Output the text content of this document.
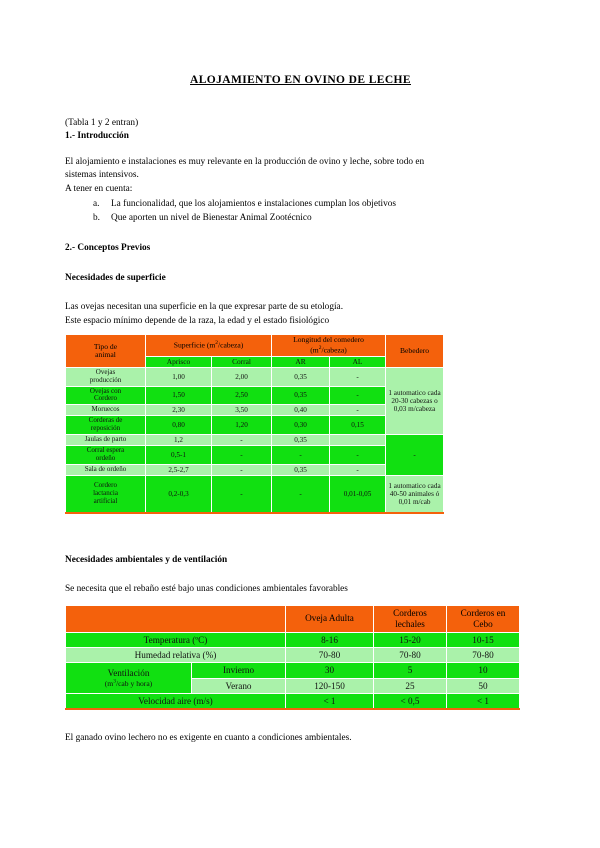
ALOJAMIENTO EN OVINO DE LECHE

(Tabla 1 y 2 entran)

1.- Introducción

El alojamiento e instalaciones es muy relevante en la producción de ovino y leche, sobre todo en

sistemas intensivos.

A tener en cuenta:

a. La funcionalidad, que los alojamientos e instalaciones cumplan los objetivos
b. Que aporten un nivel de Bienestar Animal Zootécnico

2.- Conceptos Previos

Necesidades de superficie

Las ovejas necesitan una superficie en la que expresar parte de su etología.

Este espacio mínimo depende de la raza, la edad y el estado fisiológico

Tipo de
animal	Superficie $(m^2/cabeza)$		Longitud del comedero
$(m^2/cabeza)$		Bebedero
	Aprisco	Corral	AR	AL	
Ovejas
producción	1,00	2,00	0,35	-	1 automatico cada 20-30 cabezas o 0,03 m/cabeza
Ovejas con
Cordero	1,50	2,50	0,35	-	
Moruecos	2,30	3,50	0,40	-	
Corderas de
reposición	0,80	1,20	0,30	0,15	
Jaulas de parto	1,2	-	0,35		-
Corral espera
ordeño	0,5-1	-	-	-	
Sala de ordeño	2,5-2,7	-	0,35	-	
Cordero
lactancia
artificial	0,2-0,3	-	-	0,01-0,05	1 automatico cada 40-50 animales ó 0,01 m/cab

Necesidades ambientales y de ventilación

Se necesita que el rebaño esté bajo unas condiciones ambientales favorables

		Oveja Adulta	Corderos
lechales	Corderos en
Cebo
Temperatura (ºC)		8-16	15-20	10-15
Humedad relativa (%)		70-80	70-80	70-80
Ventilación
($m^3$/cab y hora)	Invierno	30	5	10
	Verano	120-150	25	50
Velocidad aire (m/s)		< 1	< 0,5	< 1

El ganado ovino lechero no es exigente en cuanto a condiciones ambientales.
